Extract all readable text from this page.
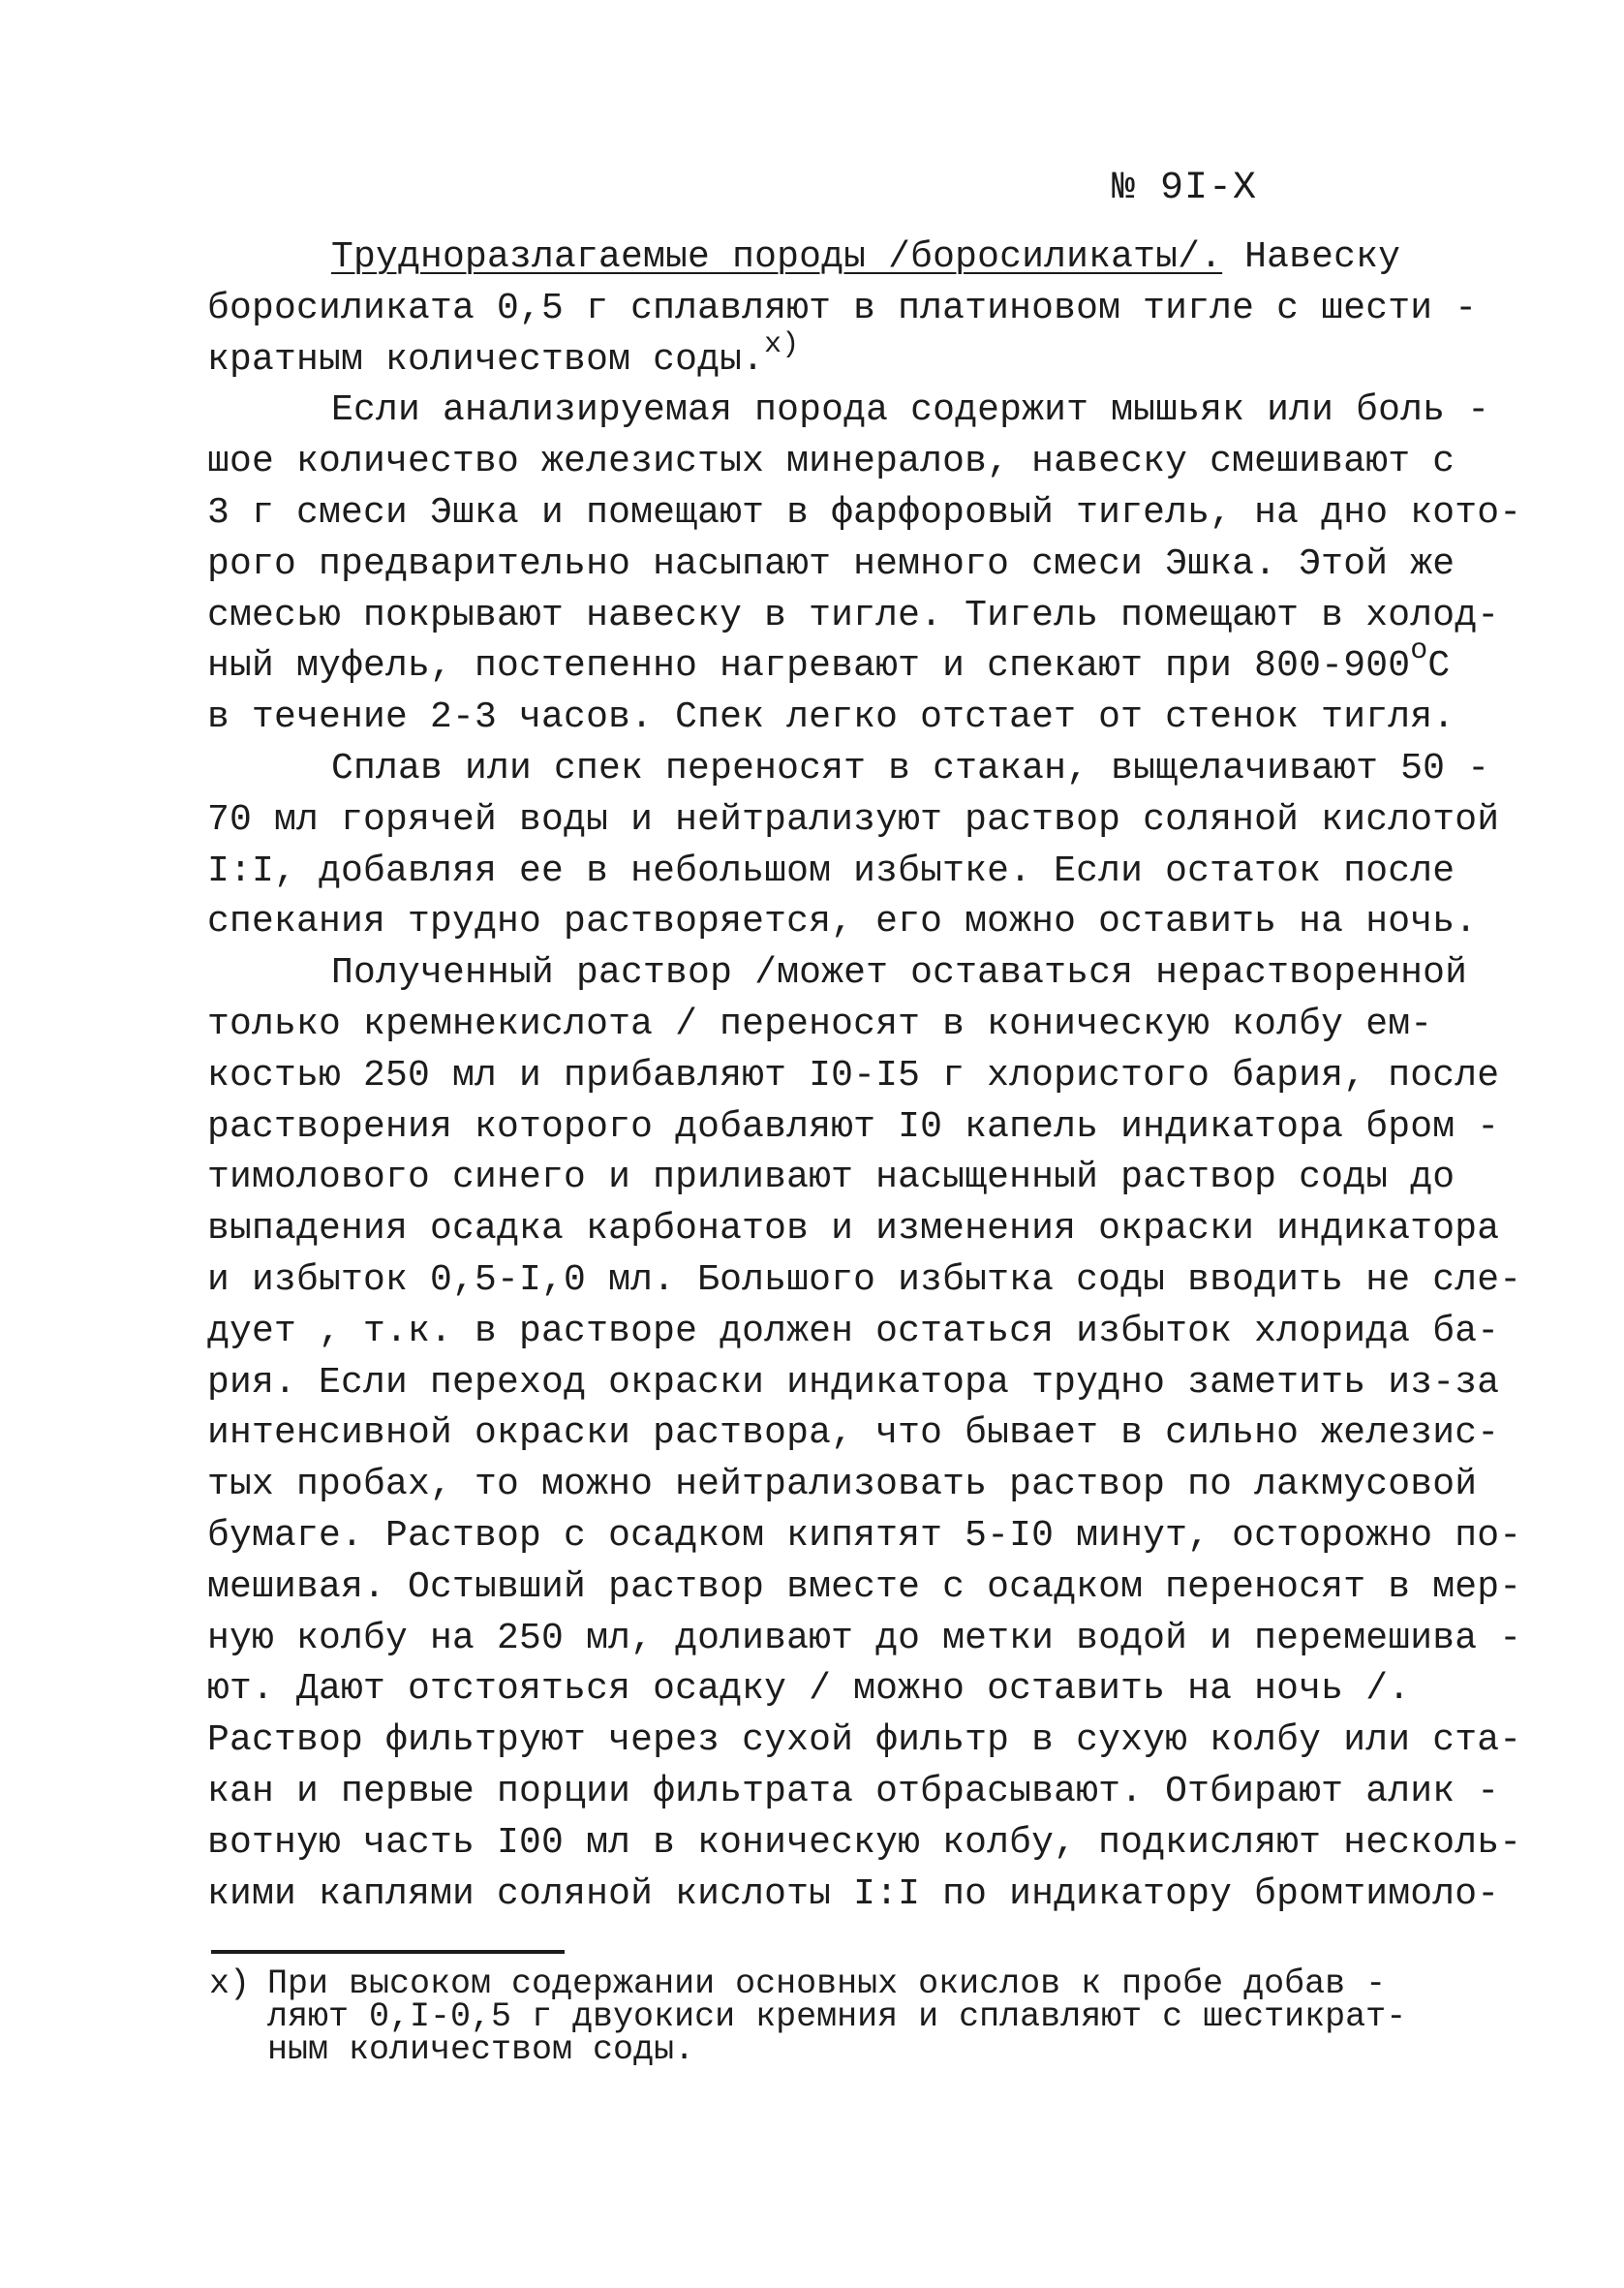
№ 9I-Х
Трудноразлагаемые породы /боросиликаты/. Навеску
боросиликата 0,5 г сплавляют в платиновом тигле с шести -
кратным количеством соды.$^{х)}$
Если анализируемая порода содержит мышьяк или боль -
шое количество железистых минералов, навеску смешивают с
3 г смеси Эшка и помещают в фарфоровый тигель, на дно кото-
рого предварительно насыпают немного смеси Эшка. Этой же
смесью покрывают навеску в тигле. Тигель помещают в холод-
ный муфель, постепенно нагревают и спекают при $800-900^оС$
в течение 2-3 часов. Спек легко отстает от стенок тигля.
Сплав или спек переносят в стакан, выщелачивают 50 -
70 мл горячей воды и нейтрализуют раствор соляной кислотой
I:I, добавляя ее в небольшом избытке. Если остаток после
спекания трудно растворяется, его можно оставить на ночь.
Полученный раствор /может оставаться нерастворенной
только кремнекислота / переносят в коническую колбу ем-
костью 250 мл и прибавляют I0-I5 г хлористого бария, после
растворения которого добавляют I0 капель индикатора бром -
тимолового синего и приливают насыщенный раствор соды до
выпадения осадка карбонатов и изменения окраски индикатора
и избыток 0,5-I,0 мл. Большого избытка соды вводить не сле-
дует , т.к. в растворе должен остаться избыток хлорида ба-
рия. Если переход окраски индикатора трудно заметить из-за
интенсивной окраски раствора, что бывает в сильно железис-
тых пробах, то можно нейтрализовать раствор по лакмусовой
бумаге. Раствор с осадком кипятят 5-I0 минут, осторожно по-
мешивая. Остывший раствор вместе с осадком переносят в мер-
ную колбу на 250 мл, доливают до метки водой и перемешива -
ют. Дают отстояться осадку / можно оставить на ночь /.
Раствор фильтруют через сухой фильтр в сухую колбу или ста-
кан и первые порции фильтрата отбрасывают. Отбирают алик -
вотную часть I00 мл в коническую колбу, подкисляют несколь-
кими каплями соляной кислоты I:I по индикатору бромтимоло-
х) При высоком содержании основных окислов к пробе добав -
ляют 0,I-0,5 г двуокиси кремния и сплавляют с шестикрат-
ным количеством соды.
